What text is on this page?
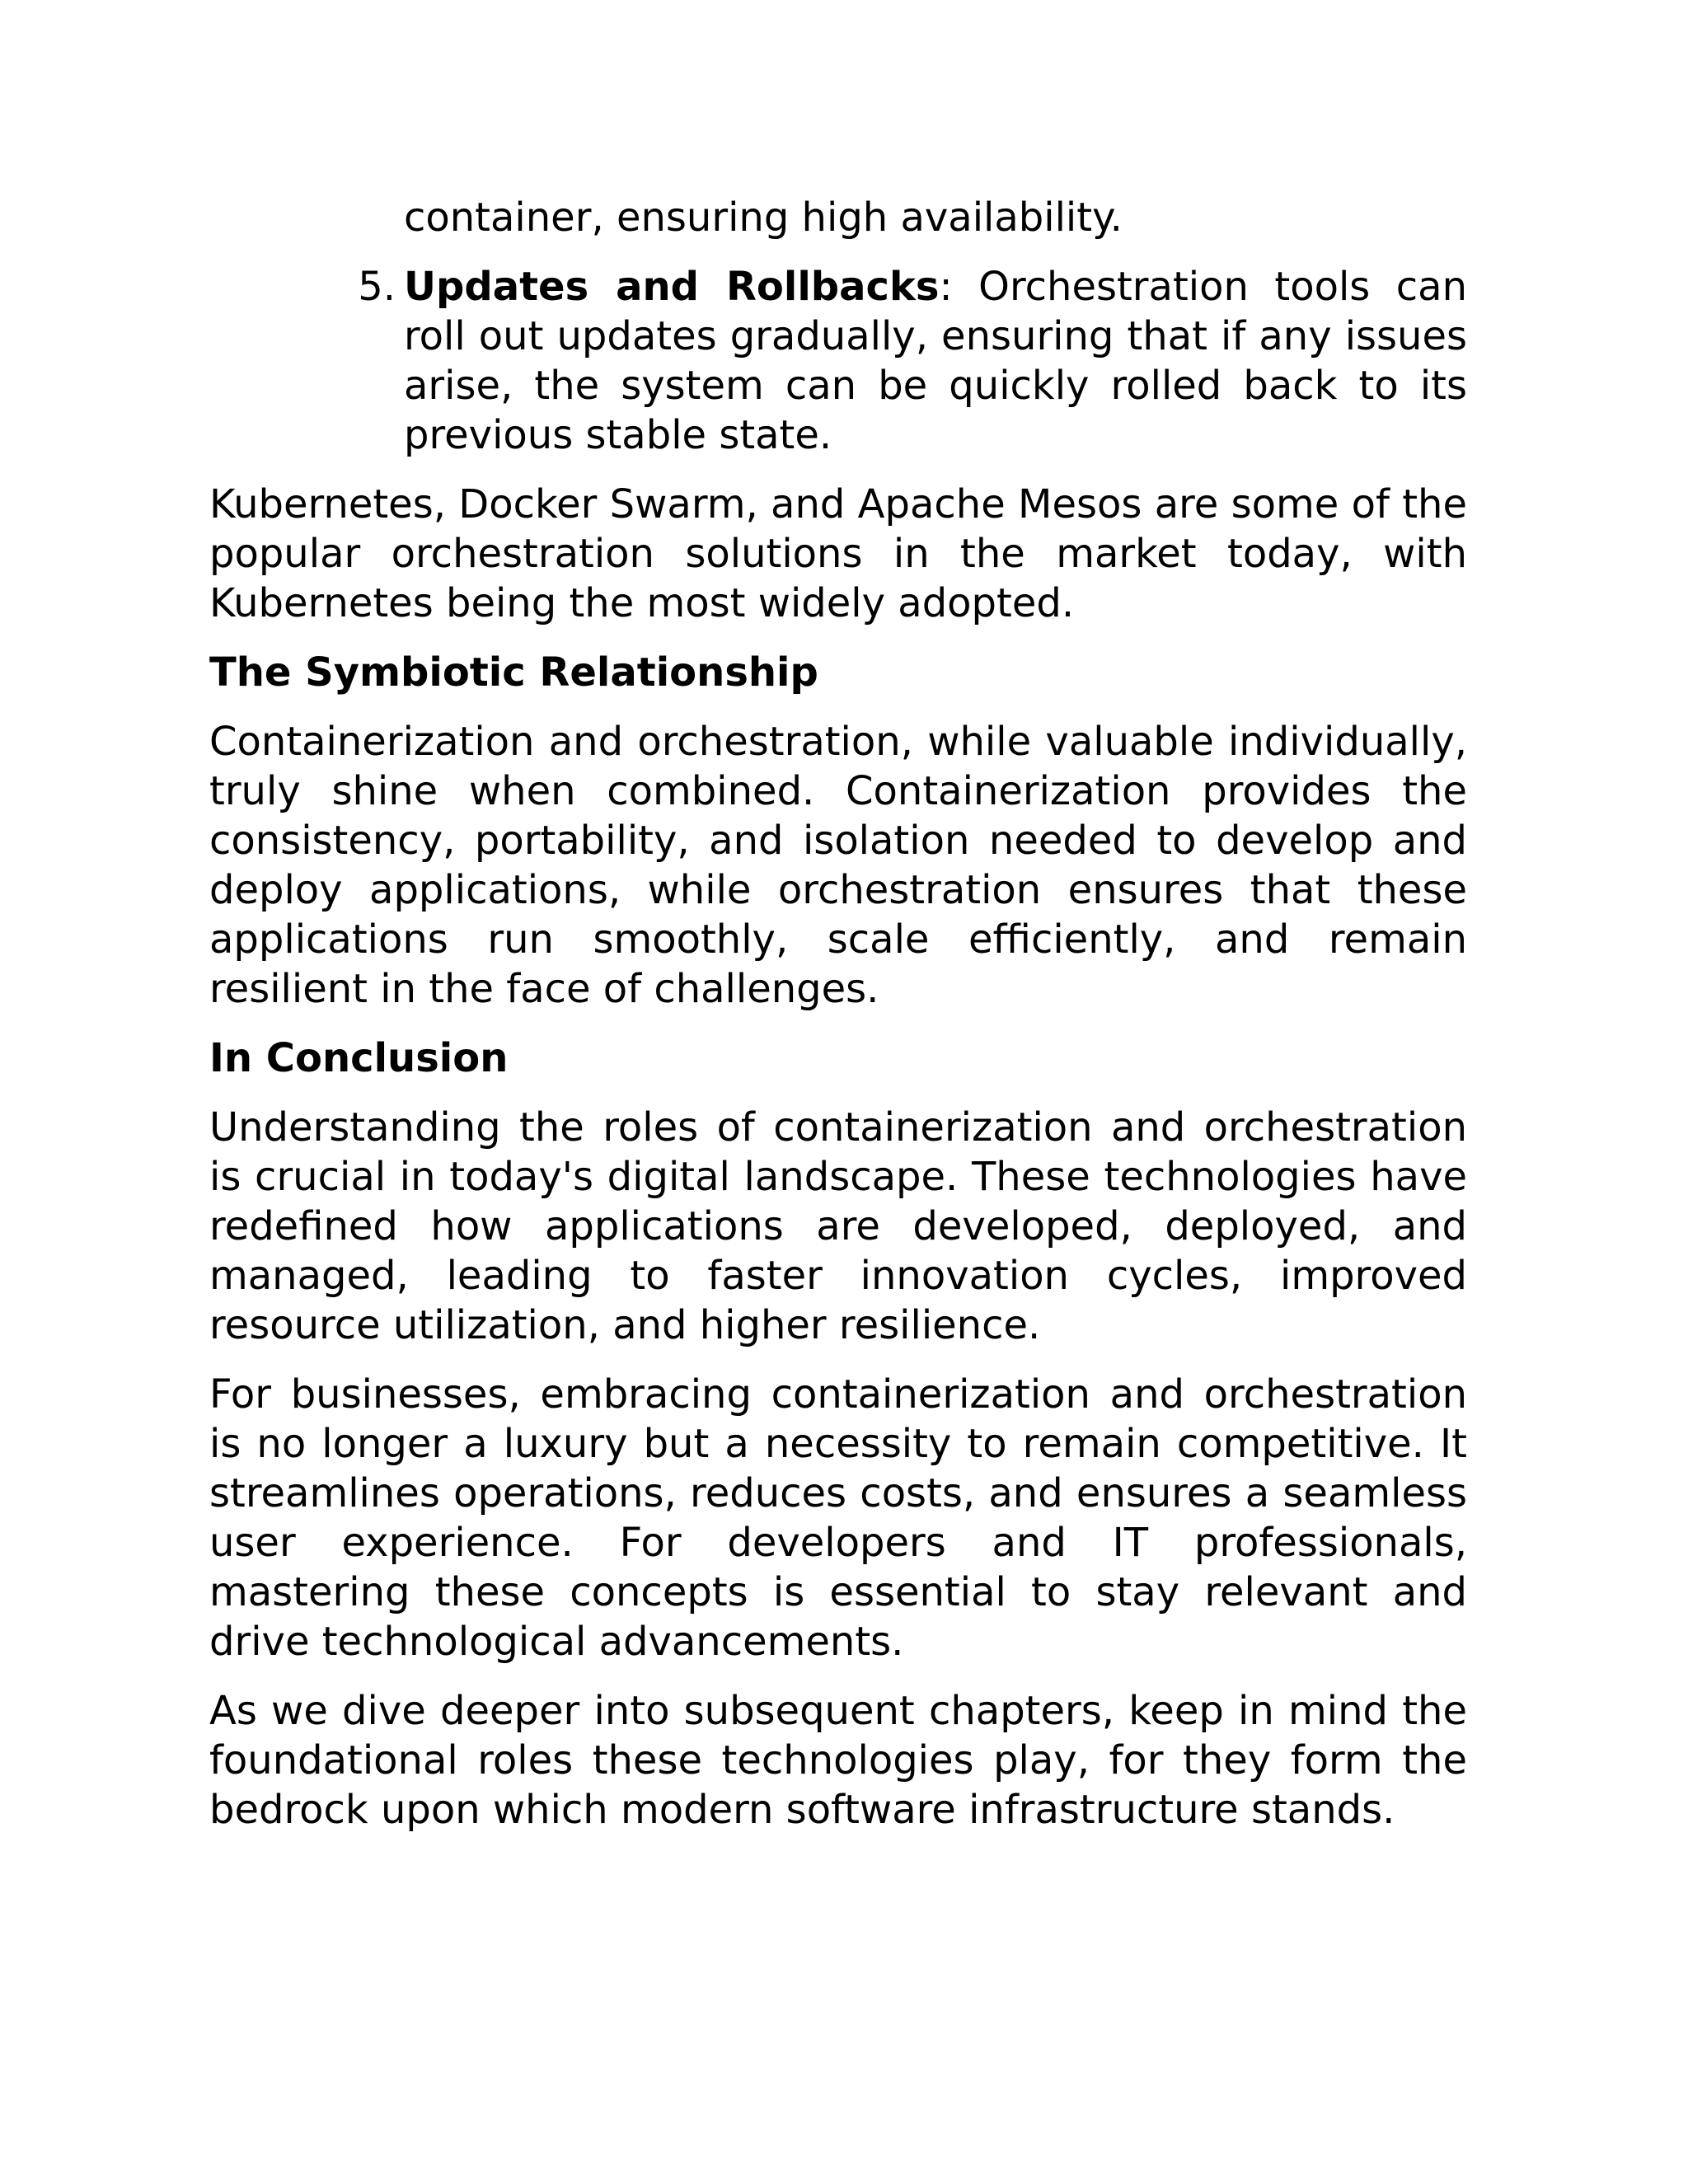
container, ensuring high availability.
5. Updates and Rollbacks: Orchestration tools can roll out updates gradually, ensuring that if any issues arise, the system can be quickly rolled back to its previous stable state.

Kubernetes, Docker Swarm, and Apache Mesos are some of the popular orchestration solutions in the market today, with Kubernetes being the most widely adopted.

The Symbiotic Relationship

Containerization and orchestration, while valuable individually, truly shine when combined. Containerization provides the consistency, portability, and isolation needed to develop and deploy applications, while orchestration ensures that these applications run smoothly, scale efficiently, and remain resilient in the face of challenges.

In Conclusion

Understanding the roles of containerization and orchestration is crucial in today's digital landscape. These technologies have redefined how applications are developed, deployed, and managed, leading to faster innovation cycles, improved resource utilization, and higher resilience.

For businesses, embracing containerization and orchestration is no longer a luxury but a necessity to remain competitive. It streamlines operations, reduces costs, and ensures a seamless user experience. For developers and IT professionals, mastering these concepts is essential to stay relevant and drive technological advancements.

As we dive deeper into subsequent chapters, keep in mind the foundational roles these technologies play, for they form the bedrock upon which modern software infrastructure stands.
